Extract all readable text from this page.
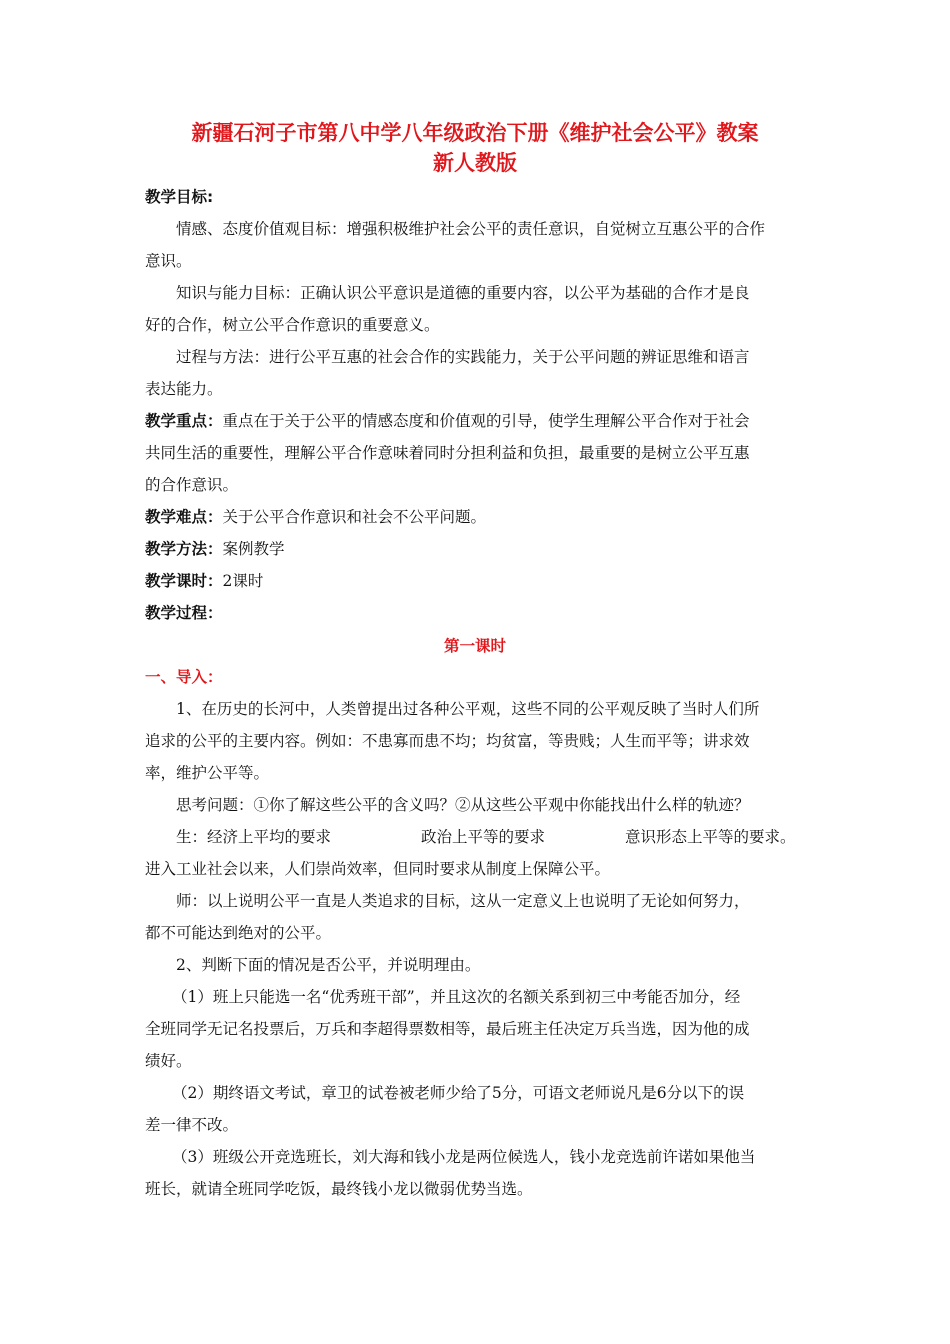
新疆石河子市第八中学八年级政治下册《维护社会公平》教案
新人教版
教学目标:
情感、态度价值观目标：增强积极维护社会公平的责任意识，自觉树立互惠公平的合作
意识。
知识与能力目标：正确认识公平意识是道德的重要内容，以公平为基础的合作才是良
好的合作，树立公平合作意识的重要意义。
过程与方法：进行公平互惠的社会合作的实践能力，关于公平问题的辨证思维和语言
表达能力。
教学重点：重点在于关于公平的情感态度和价值观的引导，使学生理解公平合作对于社会
共同生活的重要性，理解公平合作意味着同时分担利益和负担，最重要的是树立公平互惠
的合作意识。
教学难点：关于公平合作意识和社会不公平问题。
教学方法：案例教学
教学课时：2课时
教学过程：
第一课时
一、导入：
1、在历史的长河中，人类曾提出过各种公平观，这些不同的公平观反映了当时人们所
追求的公平的主要内容。例如：不患寡而患不均；均贫富，等贵贱；人生而平等；讲求效
率，维护公平等。
思考问题：①你了解这些公平的含义吗？②从这些公平观中你能找出什么样的轨迹？
生：经济上平均的要求	政治上平等的要求	意识形态上平等的要求。
进入工业社会以来，人们崇尚效率，但同时要求从制度上保障公平。
师：以上说明公平一直是人类追求的目标，这从一定意义上也说明了无论如何努力，
都不可能达到绝对的公平。
2、判断下面的情况是否公平，并说明理由。
（1）班上只能选一名“优秀班干部”，并且这次的名额关系到初三中考能否加分，经
全班同学无记名投票后，万兵和李超得票数相等，最后班主任决定万兵当选，因为他的成
绩好。
（2）期终语文考试，章卫的试卷被老师少给了5分，可语文老师说凡是6分以下的误
差一律不改。
（3）班级公开竞选班长，刘大海和钱小龙是两位候选人，钱小龙竞选前许诺如果他当
班长，就请全班同学吃饭，最终钱小龙以微弱优势当选。
